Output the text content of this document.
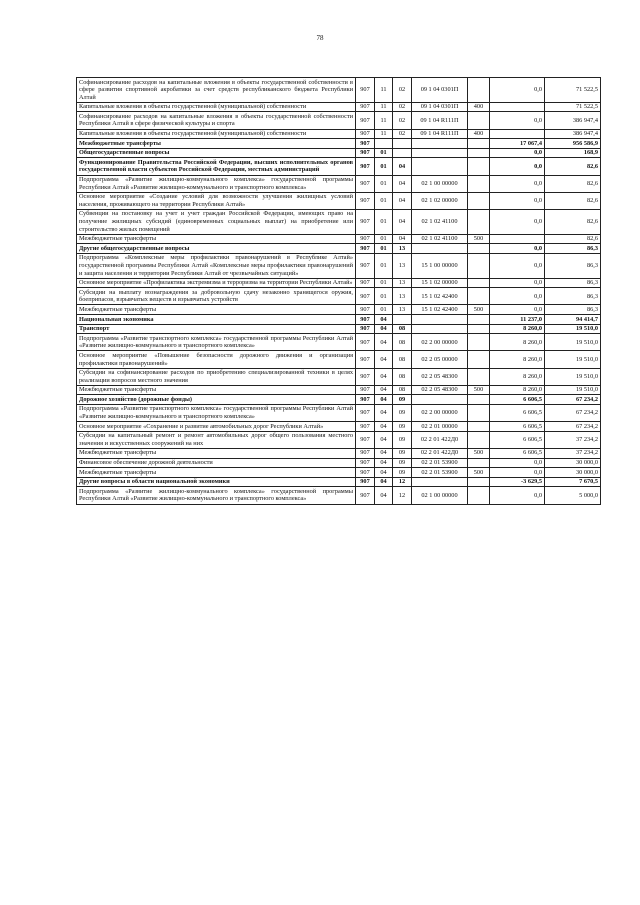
78
Софинансирование расходов на капитальные вложения в объекты государственной собственности в сфере развития спортивной акробатики за счет средств республиканского бюджета Республики Алтай	907	11	02	09 1 04 0301П		0,0	71 522,5
Капитальные вложения в объекты государственной (муниципальной) собственности	907	11	02	09 1 04 0301П	400		71 522,5
Софинансирование расходов на капитальные вложения в объекты государственной собственности Республики Алтай в сфере физической культуры и спорта	907	11	02	09 1 04 R111П		0,0	386 947,4
Капитальные вложения в объекты государственной (муниципальной) собственности	907	11	02	09 1 04 R111П	400		386 947,4
Межбюджетные трансферты	907					17 067,4	956 586,9
Общегосударственные вопросы	907	01				0,0	168,9
Функционирование Правительства Российской Федерации, высших исполнительных органов государственной власти субъектов Российской Федерации, местных администраций	907	01	04			0,0	82,6
Подпрограмма «Развитие жилищно-коммунального комплекса» государственной программы Республики Алтай «Развитие жилищно-коммунального и транспортного комплекса»	907	01	04	02 1 00 00000		0,0	82,6
Основное мероприятие «Создание условий для возможности улучшения жилищных условий населения, проживающего на территории Республики Алтай»	907	01	04	02 1 02 00000		0,0	82,6
Субвенции на постановку на учет и учет граждан Российской Федерации, имеющих право на получение жилищных субсидий (единовременных социальных выплат) на приобретение или строительство жилых помещений	907	01	04	02 1 02 41100		0,0	82,6
Межбюджетные трансферты	907	01	04	02 1 02 41100	500		82,6
Другие общегосударственные вопросы	907	01	13			0,0	86,3
Подпрограмма «Комплексные меры профилактики правонарушений в Республике Алтай» государственной программы Республики Алтай «Комплексные меры профилактики правонарушений и защита населения и территории Республики Алтай от чрезвычайных ситуаций»	907	01	13	15 1 00 00000		0,0	86,3
Основное мероприятие «Профилактика экстремизма и терроризма на территории Республики Алтай»	907	01	13	15 1 02 00000		0,0	86,3
Субсидии на выплату вознаграждения за добровольную сдачу незаконно хранящегося оружия, боеприпасов, взрывчатых веществ и взрывчатых устройств	907	01	13	15 1 02 42400		0,0	86,3
Межбюджетные трансферты	907	01	13	15 1 02 42400	500	0,0	86,3
Национальная экономика	907	04				11 237,0	94 414,7
Транспорт	907	04	08			8 260,0	19 510,0
Подпрограмма «Развитие транспортного комплекса» государственной программы Республики Алтай «Развитие жилищно-коммунального и транспортного комплекса»	907	04	08	02 2 00 00000		8 260,0	19 510,0
Основное мероприятие «Повышение безопасности дорожного движения и организация профилактики правонарушений»	907	04	08	02 2 05 00000		8 260,0	19 510,0
Субсидии на софинансирование расходов по приобретению специализированной техники в целях реализации вопросов местного значения	907	04	08	02 2 05 48300		8 260,0	19 510,0
Межбюджетные трансферты	907	04	08	02 2 05 48300	500	8 260,0	19 510,0
Дорожное хозяйство (дорожные фонды)	907	04	09			6 606,5	67 234,2
Подпрограмма «Развитие транспортного комплекса» государственной программы Республики Алтай «Развитие жилищно-коммунального и транспортного комплекса»	907	04	09	02 2 00 00000		6 606,5	67 234,2
Основное мероприятие «Сохранение и развитие автомобильных дорог Республики Алтай»	907	04	09	02 2 01 00000		6 606,5	67 234,2
Субсидии на капитальный ремонт и ремонт автомобильных дорог общего пользования местного значения и искусственных сооружений на них	907	04	09	02 2 01 422Д0		6 606,5	37 234,2
Межбюджетные трансферты	907	04	09	02 2 01 422Д0	500	6 606,5	37 234,2
Финансовое обеспечение дорожной деятельности	907	04	09	02 2 01 53900		0,0	30 000,0
Межбюджетные трансферты	907	04	09	02 2 01 53900	500	0,0	30 000,0
Другие вопросы в области национальной экономики	907	04	12			-3 629,5	7 670,5
Подпрограмма «Развитие жилищно-коммунального комплекса» государственной программы Республики Алтай «Развитие жилищно-коммунального и транспортного комплекса»	907	04	12	02 1 00 00000		0,0	5 000,0
